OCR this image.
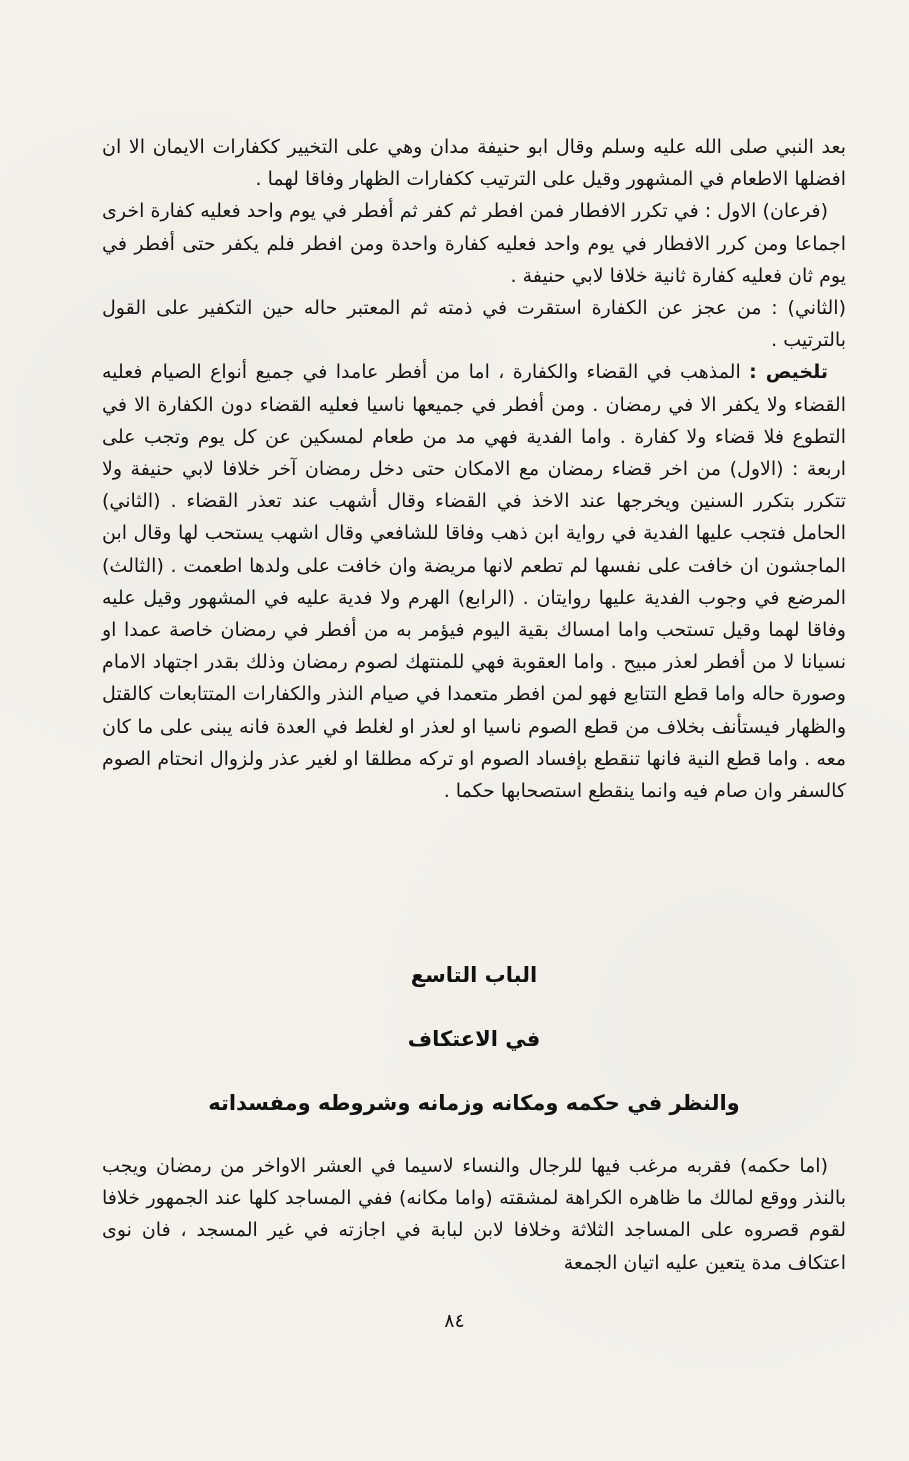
بعد النبي صلى الله عليه وسلم وقال ابو حنيفة مدان وهي على التخيير ككفارات الايمان الا ان افضلها الاطعام في المشهور وقيل على الترتيب ككفارات الظهار وفاقا لهما .

(فرعان) الاول : في تكرر الافطار فمن افطر ثم كفر ثم أفطر في يوم واحد فعليه كفارة اخرى اجماعا ومن كرر الافطار في يوم واحد فعليه كفارة واحدة ومن افطر فلم يكفر حتى أفطر في يوم ثان فعليه كفارة ثانية خلافا لابي حنيفة .

(الثاني) : من عجز عن الكفارة استقرت في ذمته ثم المعتبر حاله حين التكفير على القول بالترتيب .

تلخيص : المذهب في القضاء والكفارة ، اما من أفطر عامدا في جميع أنواع الصيام فعليه القضاء ولا يكفر الا في رمضان . ومن أفطر في جميعها ناسيا فعليه القضاء دون الكفارة الا في التطوع فلا قضاء ولا كفارة . واما الفدية فهي مد من طعام لمسكين عن كل يوم وتجب على اربعة : (الاول) من اخر قضاء رمضان مع الامكان حتى دخل رمضان آخر خلافا لابي حنيفة ولا تتكرر بتكرر السنين ويخرجها عند الاخذ في القضاء وقال أشهب عند تعذر القضاء . (الثاني) الحامل فتجب عليها الفدية في رواية ابن ذهب وفاقا للشافعي وقال اشهب يستحب لها وقال ابن الماجشون ان خافت على نفسها لم تطعم لانها مريضة وان خافت على ولدها اطعمت . (الثالث) المرضع في وجوب الفدية عليها روايتان . (الرابع) الهرم ولا فدية عليه في المشهور وقيل عليه وفاقا لهما وقيل تستحب واما امساك بقية اليوم فيؤمر به من أفطر في رمضان خاصة عمدا او نسيانا لا من أفطر لعذر مبيح . واما العقوبة فهي للمنتهك لصوم رمضان وذلك بقدر اجتهاد الامام وصورة حاله واما قطع التتابع فهو لمن افطر متعمدا في صيام النذر والكفارات المتتابعات كالقتل والظهار فيستأنف بخلاف من قطع الصوم ناسيا او لعذر او لغلط في العدة فانه يبنى على ما كان معه . واما قطع النية فانها تنقطع بإفساد الصوم او تركه مطلقا او لغير عذر ولزوال انحتام الصوم كالسفر وان صام فيه وانما ينقطع استصحابها حكما .

الباب التاسع
في الاعتكاف
والنظر في حكمه ومكانه وزمانه وشروطه ومفسداته

(اما حكمه) فقربه مرغب فيها للرجال والنساء لاسيما في العشر الاواخر من رمضان ويجب بالنذر ووقع لمالك ما ظاهره الكراهة لمشقته (واما مكانه) ففي المساجد كلها عند الجمهور خلافا لقوم قصروه على المساجد الثلاثة وخلافا لابن لبابة في اجازته في غير المسجد ، فان نوى اعتكاف مدة يتعين عليه اتيان الجمعة

٨٤
